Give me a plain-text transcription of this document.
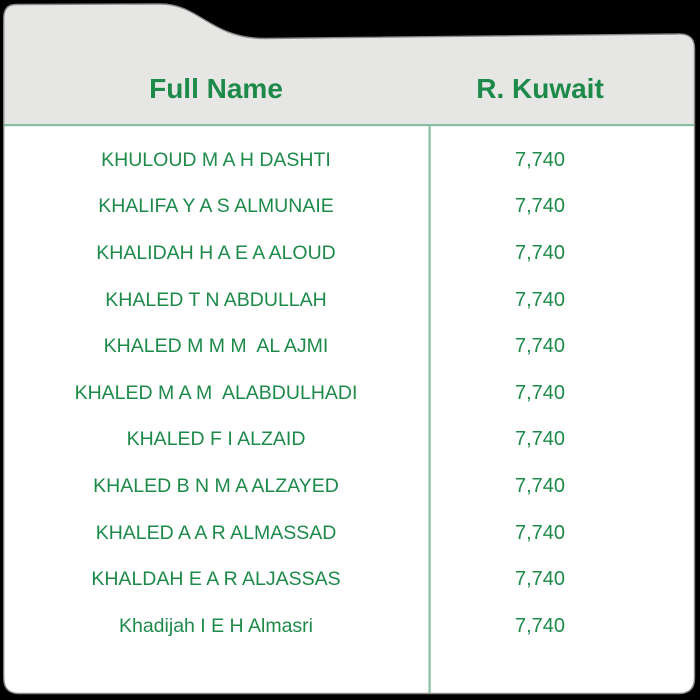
Full Name	R. Kuwait
KHULOUD M A H DASHTI	7,740
KHALIFA Y A S ALMUNAIE	7,740
KHALIDAH H A E A ALOUD	7,740
KHALED T N ABDULLAH	7,740
KHALED M M M  AL AJMI	7,740
KHALED M A M  ALABDULHADI	7,740
KHALED F I ALZAID	7,740
KHALED B N M A ALZAYED	7,740
KHALED A A R ALMASSAD	7,740
KHALDAH E A R ALJASSAS	7,740
Khadijah I E H Almasri	7,740
